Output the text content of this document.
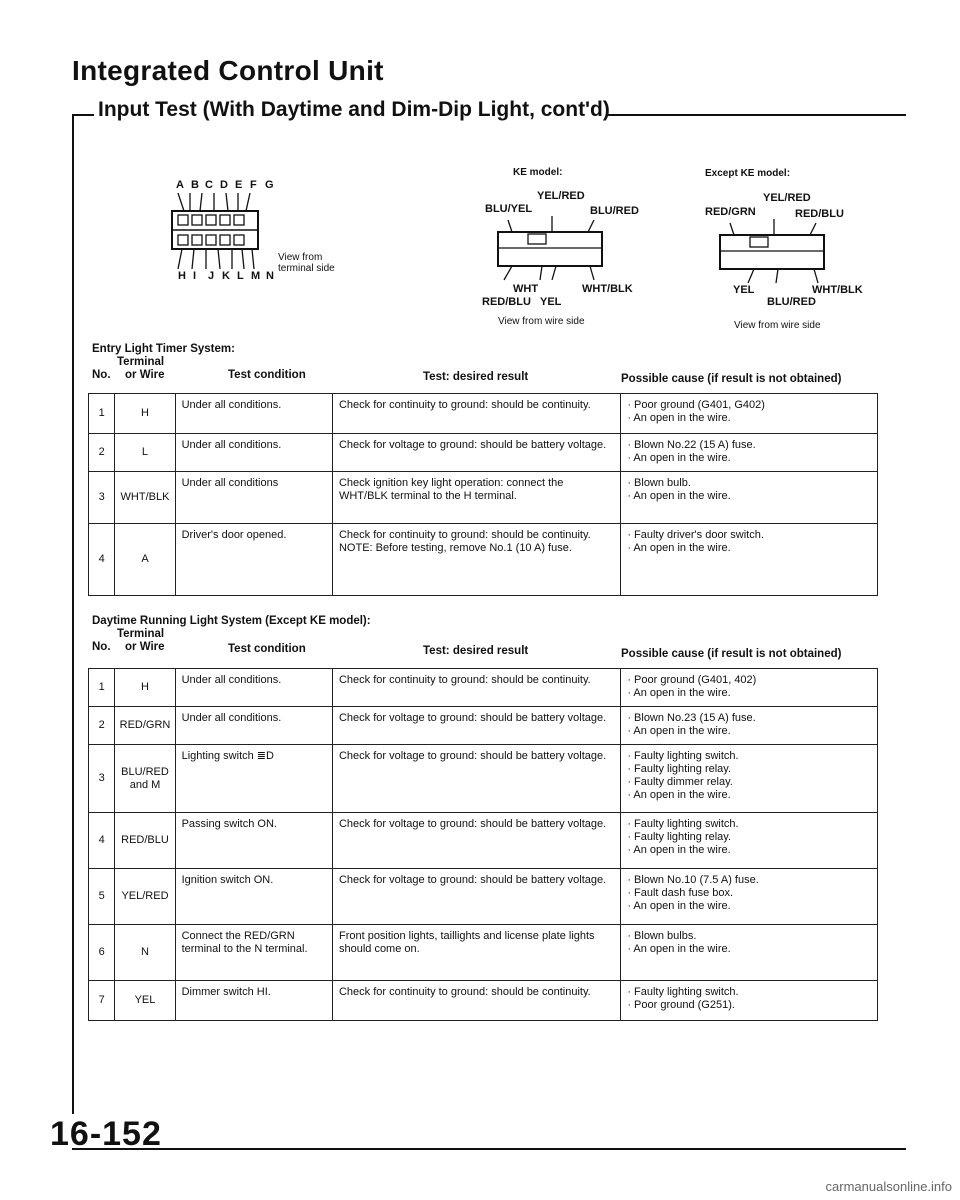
Integrated Control Unit
Input Test (With Daytime and Dim-Dip Light, cont'd)
A B C D E F G
H I J K L M N
View from terminal side
KE model:
YEL/RED
BLU/YEL	BLU/RED
WHT	WHT/BLK
RED/BLU YEL
View from wire side
Except KE model:
YEL/RED
RED/GRN	RED/BLU
YEL	WHT/BLK
BLU/RED
View from wire side
Entry Light Timer System:
Terminal
No. or Wire	Test condition	Test: desired result	Possible cause (if result is not obtained)
1	H	Under all conditions.	Check for continuity to ground: should be continuity.	· Poor ground (G401, G402)
· An open in the wire.

2	L	Under all conditions.	Check for voltage to ground: should be battery voltage.	· Blown No.22 (15 A) fuse.
· An open in the wire.

3	WHT/BLK	Under all conditions	Check ignition key light operation: connect the WHT/BLK terminal to the H terminal.	· Blown bulb.
· An open in the wire.

4	A	Driver's door opened.	Check for continuity to ground: should be continuity. NOTE: Before testing, remove No.1 (10 A) fuse.	· Faulty driver's door switch.
· An open in the wire.
Daytime Running Light System (Except KE model):
Terminal
No. or Wire	Test condition	Test: desired result	Possible cause (if result is not obtained)
1	H	Under all conditions.	Check for continuity to ground: should be continuity.	· Poor ground (G401, 402)
· An open in the wire.

2	RED/GRN	Under all conditions.	Check for voltage to ground: should be battery voltage.	· Blown No.23 (15 A) fuse.
· An open in the wire.

3	BLU/RED and M	Lighting switch ≣D	Check for voltage to ground: should be battery voltage.	· Faulty lighting switch.
· Faulty lighting relay.
· Faulty dimmer relay.
· An open in the wire.

4	RED/BLU	Passing switch ON.	Check for voltage to ground: should be battery voltage.	· Faulty lighting switch.
· Faulty lighting relay.
· An open in the wire.

5	YEL/RED	Ignition switch ON.	Check for voltage to ground: should be battery voltage.	· Blown No.10 (7.5 A) fuse.
· Fault dash fuse box.
· An open in the wire.

6	N	Connect the RED/GRN terminal to the N terminal.	Front position lights, taillights and license plate lights should come on.	· Blown bulbs.
· An open in the wire.

7	YEL	Dimmer switch HI.	Check for continuity to ground: should be continuity.	· Faulty lighting switch.
· Poor ground (G251).
16-152
carmanualsonline.info
